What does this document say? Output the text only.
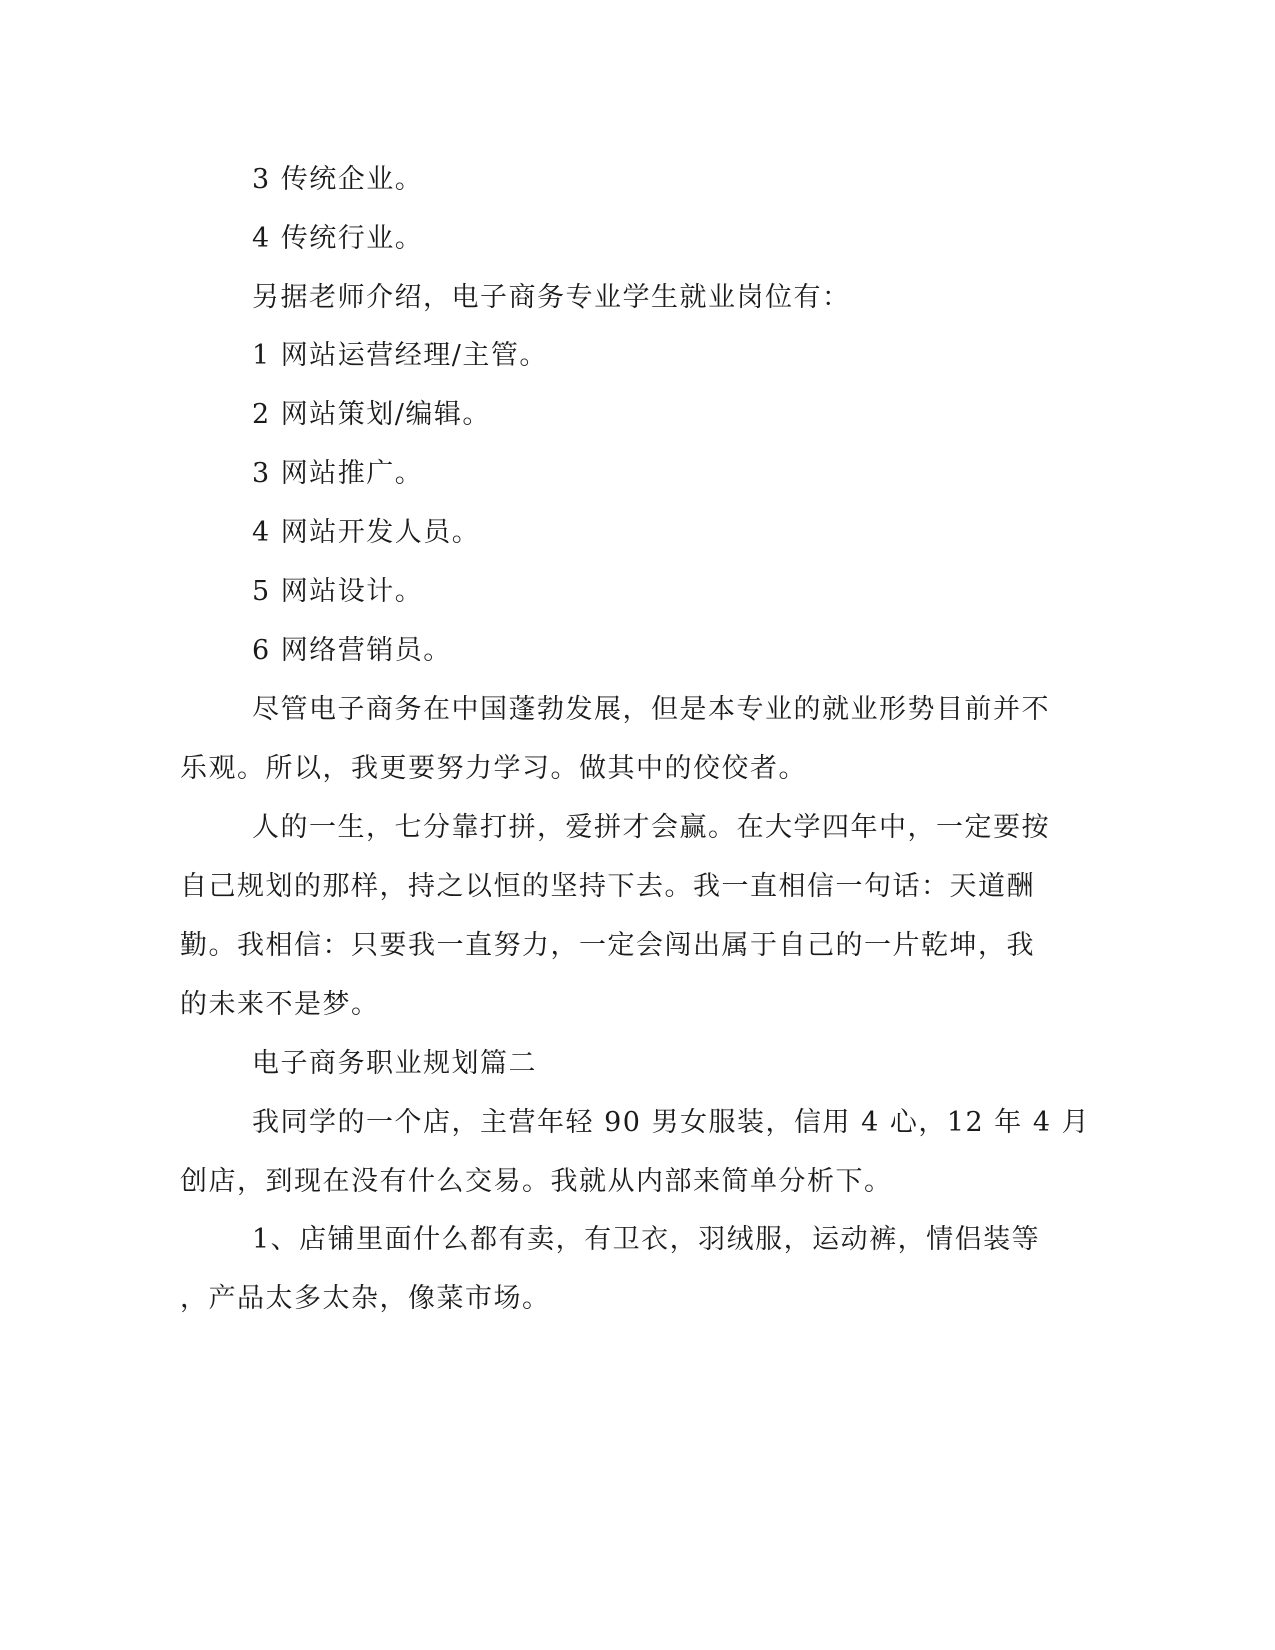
3 传统企业。
4 传统行业。
另据老师介绍，电子商务专业学生就业岗位有：
1 网站运营经理/主管。
2 网站策划/编辑。
3 网站推广。
4 网站开发人员。
5 网站设计。
6 网络营销员。
尽管电子商务在中国蓬勃发展，但是本专业的就业形势目前并不
乐观。所以，我更要努力学习。做其中的佼佼者。
人的一生，七分靠打拼，爱拼才会赢。在大学四年中，一定要按
自己规划的那样，持之以恒的坚持下去。我一直相信一句话：天道酬
勤。我相信：只要我一直努力，一定会闯出属于自己的一片乾坤，我
的未来不是梦。
电子商务职业规划篇二
我同学的一个店，主营年轻 90 男女服装，信用 4 心，12 年 4 月
创店，到现在没有什么交易。我就从内部来简单分析下。
1、店铺里面什么都有卖，有卫衣，羽绒服，运动裤，情侣装等
，产品太多太杂，像菜市场。
